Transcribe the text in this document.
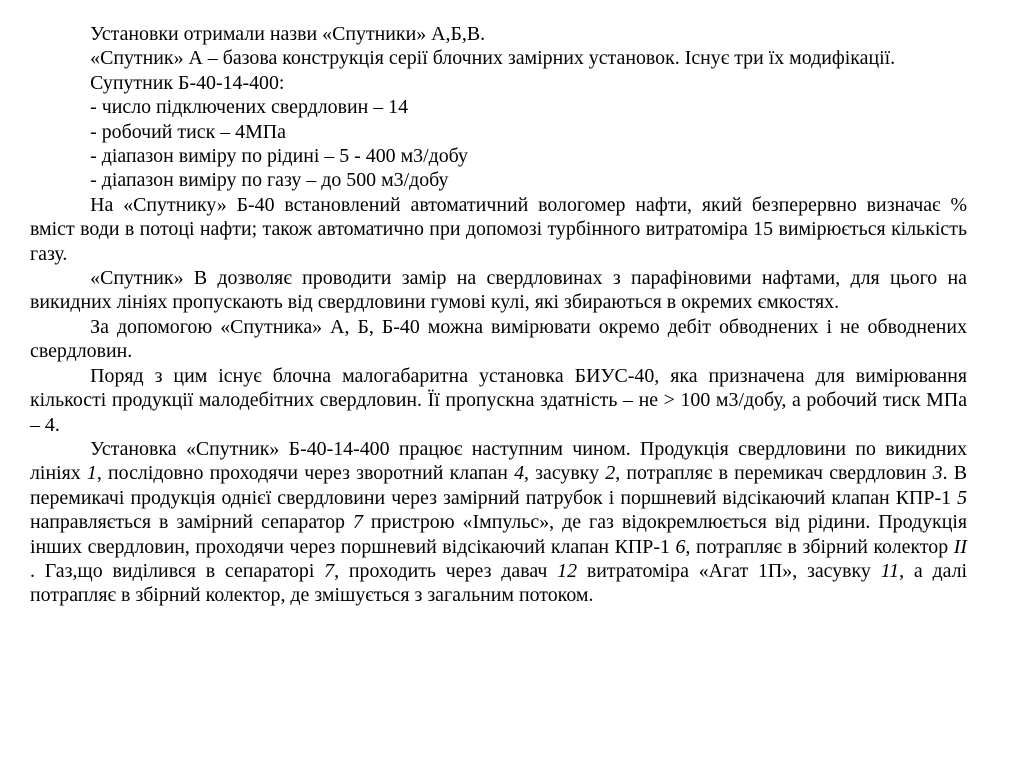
Установки отримали назви «Спутники» А,Б,В.

«Спутник» А – базова конструкція серії блочних замірних установок. Існує три їх модифікації.

Супутник Б-40-14-400:

- число підключених свердловин – 14

- робочий тиск – 4МПа

- діапазон виміру по рідині – 5 - 400 м3/добу

- діапазон виміру по газу – до 500 м3/добу

На «Спутнику» Б-40 встановлений автоматичний вологомер нафти, який безперервно визначає % вміст води в потоці нафти; також автоматично при допомозі турбінного витратоміра 15 вимірюється кількість газу.

«Спутник» В дозволяє проводити замір на свердловинах з парафіновими нафтами, для цього на викидних лініях пропускають від свердловини гумові кулі, які збираються в окремих ємкостях.

За допомогою «Спутника» А, Б, Б-40 можна вимірювати окремо дебіт обводнених і не обводнених свердловин.

Поряд з цим існує блочна малогабаритна установка БИУС-40, яка призначена для вимірювання кількості продукції малодебітних свердловин. Її пропускна здатність – не > 100 м3/добу, а робочий тиск МПа – 4.

Установка «Спутник» Б-40-14-400 працює наступним чином. Продукція свердловини по викидних лініях 1, послідовно проходячи через зворотний клапан 4, засувку 2, потрапляє в перемикач свердловин 3. В перемикачі продукція однієї свердловини через замірний патрубок і поршневий відсікаючий клапан КПР-1 5 направляється в замірний сепаратор 7 пристрою «Імпульс», де газ відокремлюється від рідини. Продукція інших свердловин, проходячи через поршневий відсікаючий клапан КПР-1 6, потрапляє в збірний колектор ІІ . Газ,що виділився в сепараторі 7, проходить через давач 12 витратоміра «Агат 1П», засувку 11, а далі потрапляє в збірний колектор, де змішується з загальним потоком.
